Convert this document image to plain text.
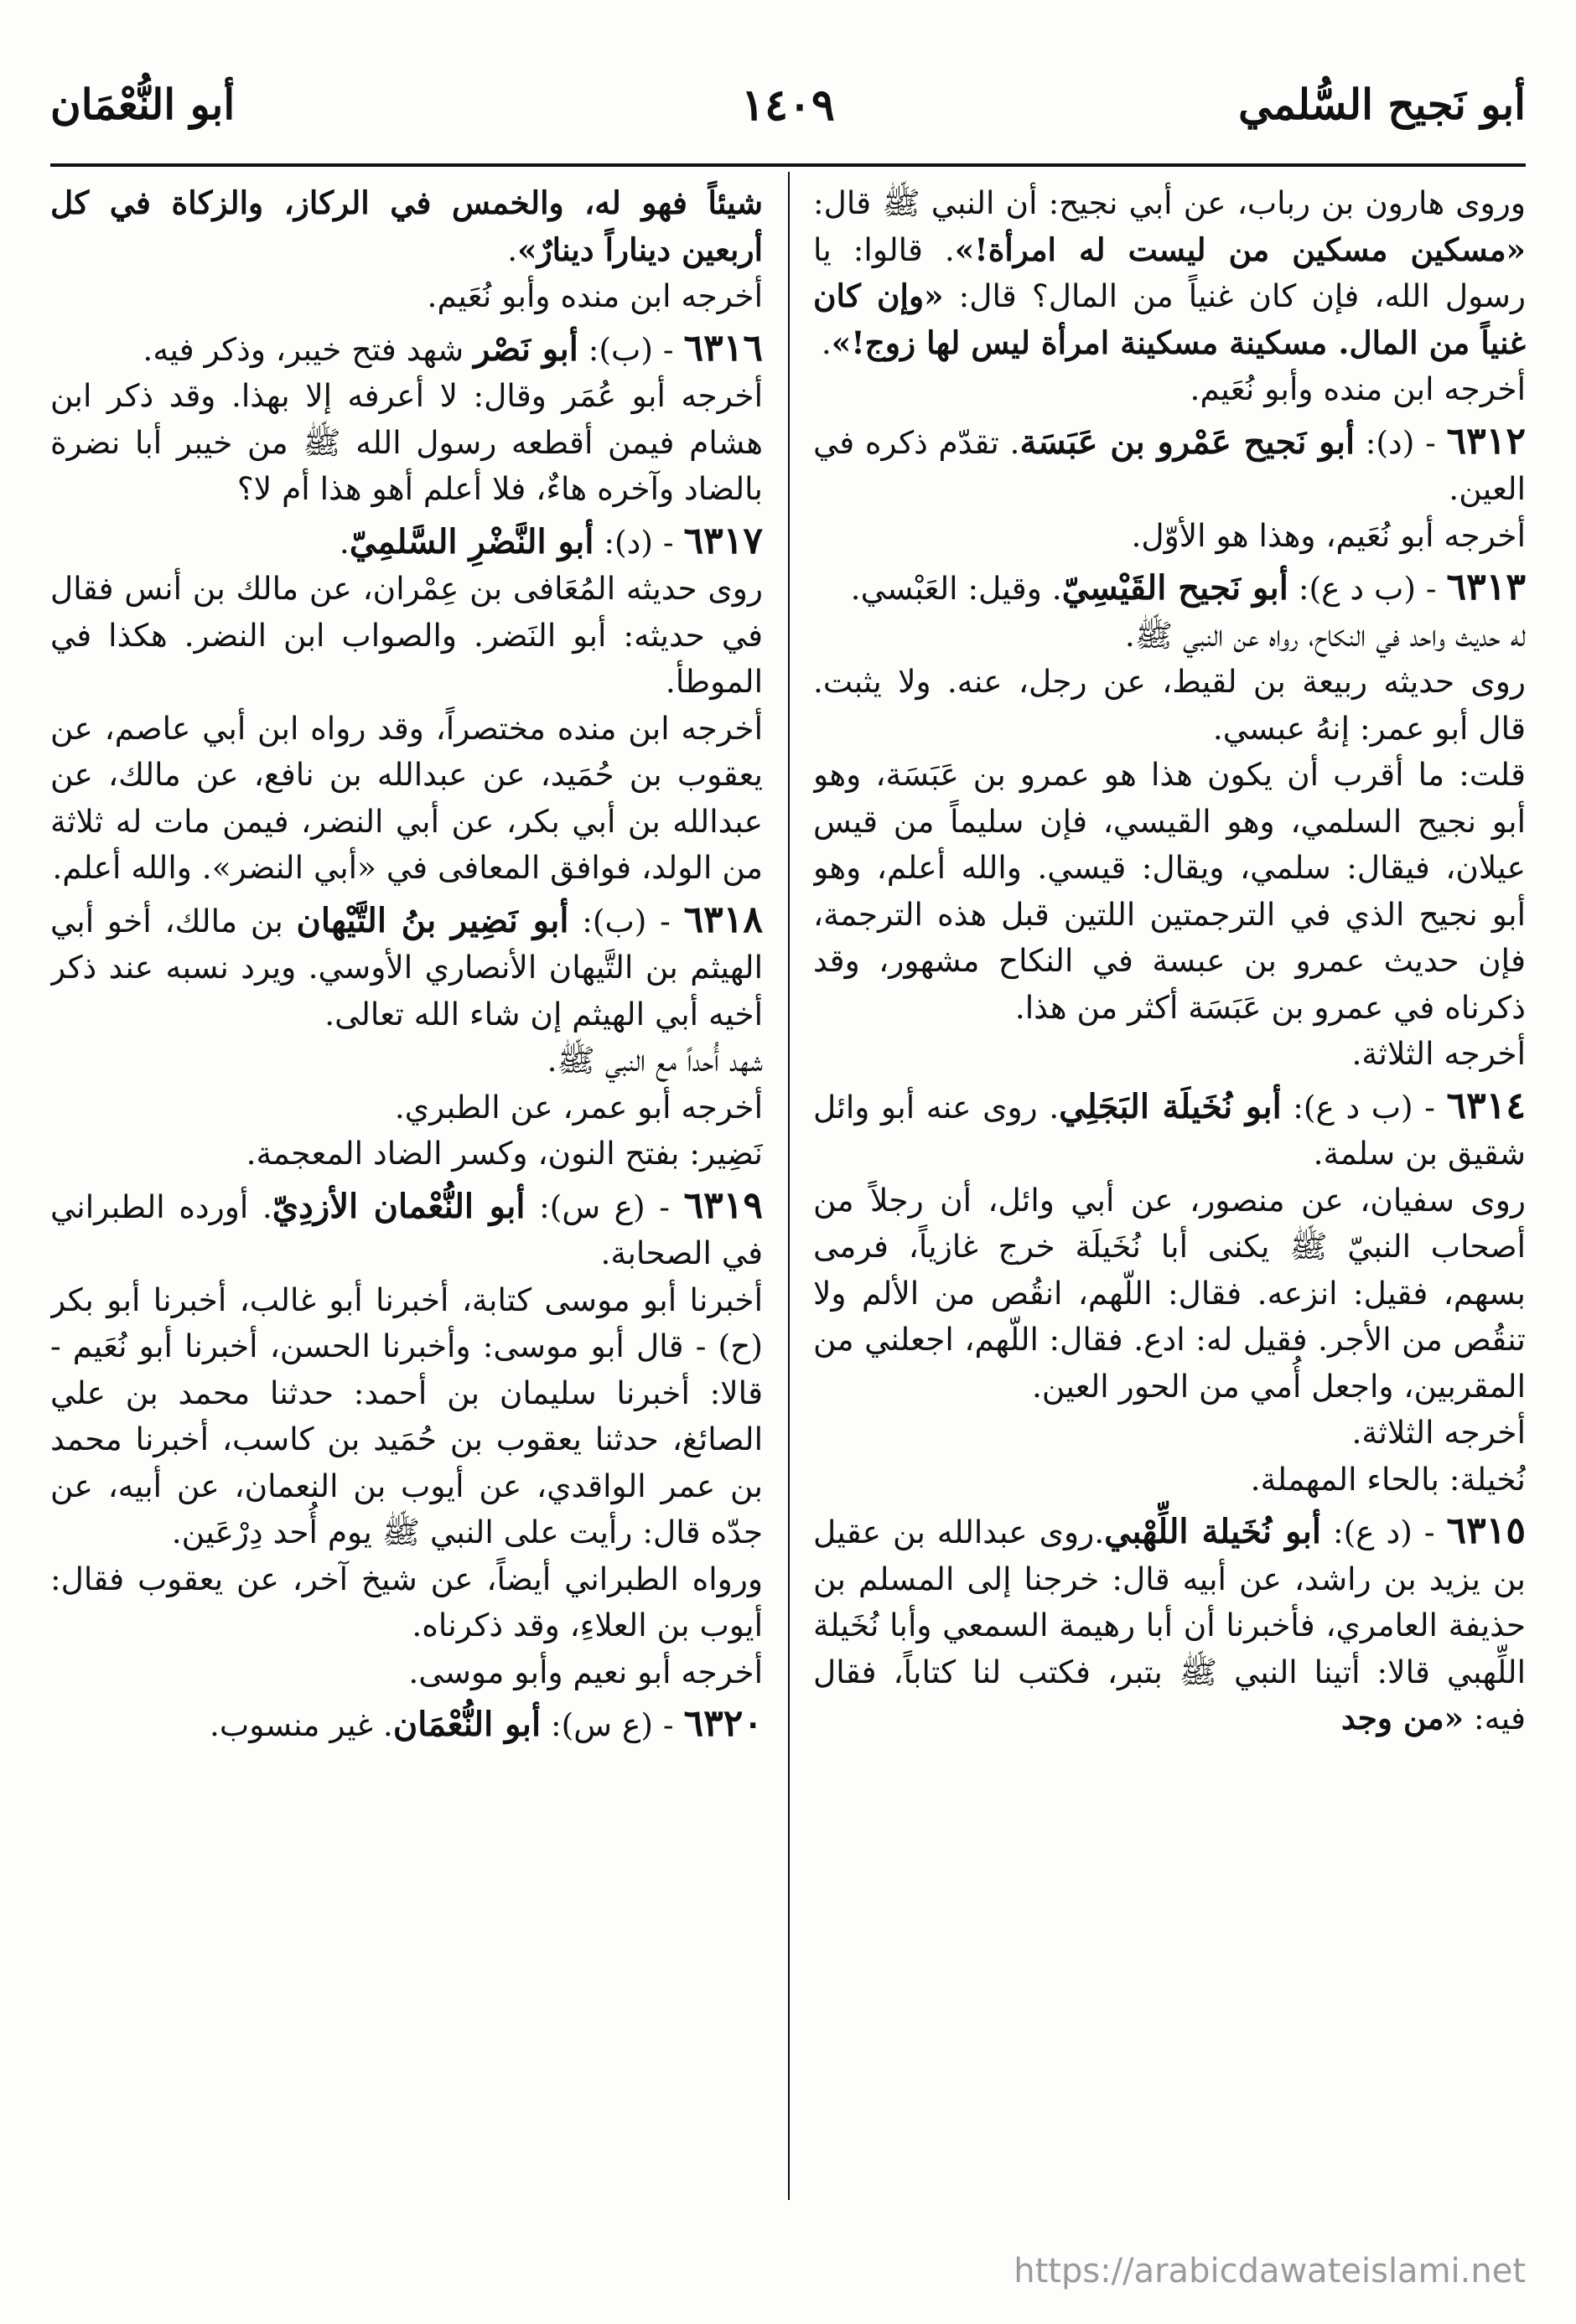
أبو نَجيح السُّلمي
١٤٠٩
أبو النُّعْمَان
وروى هارون بن رباب، عن أبي نجيح: أن النبي ﷺ قال: «مسكين مسكين من ليست له امرأة!». قالوا: يا رسول الله، فإن كان غنياً من المال؟ قال: «وإن كان غنياً من المال. مسكينة مسكينة امرأة ليس لها زوج!».
أخرجه ابن منده وأبو نُعَيم.
٦٣١٢ - (د): أبو نَجيح عَمْرو بن عَبَسَة. تقدّم ذكره في العين.
أخرجه أبو نُعَيم، وهذا هو الأوّل.
٦٣١٣ - (ب د ع): أبو نَجيح القَيْسِيّ. وقيل: العَبْسي.
له حديث واحد في النكاح، رواه عن النبي ﷺ.
روى حديثه ربيعة بن لقيط، عن رجل، عنه. ولا يثبت. قال أبو عمر: إنهُ عبسي.
قلت: ما أقرب أن يكون هذا هو عمرو بن عَبَسَة، وهو أبو نجيح السلمي، وهو القيسي، فإن سليماً من قيس عيلان، فيقال: سلمي، ويقال: قيسي. والله أعلم، وهو أبو نجيح الذي في الترجمتين اللتين قبل هذه الترجمة، فإن حديث عمرو بن عبسة في النكاح مشهور، وقد ذكرناه في عمرو بن عَبَسَة أكثر من هذا.
أخرجه الثلاثة.
٦٣١٤ - (ب د ع): أبو نُخَيلَة البَجَلِي. روى عنه أبو وائل شقيق بن سلمة.
روى سفيان، عن منصور، عن أبي وائل، أن رجلاً من أصحاب النبيّ ﷺ يكنى أبا نُخَيلَة خرج غازياً، فرمى بسهم، فقيل: انزعه. فقال: اللّهم، انقُص من الألم ولا تنقُص من الأجر. فقيل له: ادع. فقال: اللّهم، اجعلني من المقربين، واجعل أُمي من الحور العين.
أخرجه الثلاثة.
نُخيلة: بالحاء المهملة.
٦٣١٥ - (د ع): أبو نُخَيلة اللِّهْبي.روى عبدالله بن عقيل بن يزيد بن راشد، عن أبيه قال: خرجنا إلى المسلم بن حذيفة العامري، فأخبرنا أن أبا رهيمة السمعي وأبا نُخَيلة اللِّهبي قالا: أتينا النبي ﷺ بتبر، فكتب لنا كتاباً، فقال فيه: «من وجد
شيئاً فهو له، والخمس في الركاز، والزكاة في كل أربعين ديناراً دينارٌ».
أخرجه ابن منده وأبو نُعَيم.
٦٣١٦ - (ب): أبو نَصْر شهد فتح خيبر، وذكر فيه.
أخرجه أبو عُمَر وقال: لا أعرفه إلا بهذا. وقد ذكر ابن هشام فيمن أقطعه رسول الله ﷺ من خيبر أبا نضرة بالضاد وآخره هاءٌ، فلا أعلم أهو هذا أم لا؟
٦٣١٧ - (د): أبو النَّضْرِ السَّلمِيّ.
روى حديثه المُعَافى بن عِمْران، عن مالك بن أنس فقال في حديثه: أبو النَضر. والصواب ابن النضر. هكذا في الموطأ.
أخرجه ابن منده مختصراً، وقد رواه ابن أبي عاصم، عن يعقوب بن حُمَيد، عن عبدالله بن نافع، عن مالك، عن عبدالله بن أبي بكر، عن أبي النضر، فيمن مات له ثلاثة من الولد، فوافق المعافى في «أبي النضر». والله أعلم.
٦٣١٨ - (ب): أبو نَضِير بنُ التَّيْهان بن مالك، أخو أبي الهيثم بن التَّيهان الأنصاري الأوسي. ويرد نسبه عند ذكر أخيه أبي الهيثم إن شاء الله تعالى.
شهد أُحداً مع النبي ﷺ.
أخرجه أبو عمر، عن الطبري.
نَضِير: بفتح النون، وكسر الضاد المعجمة.
٦٣١٩ - (ع س): أبو النُّعْمان الأزدِيّ. أورده الطبراني في الصحابة.
أخبرنا أبو موسى كتابة، أخبرنا أبو غالب، أخبرنا أبو بكر (ح) - قال أبو موسى: وأخبرنا الحسن، أخبرنا أبو نُعَيم - قالا: أخبرنا سليمان بن أحمد: حدثنا محمد بن علي الصائغ، حدثنا يعقوب بن حُمَيد بن كاسب، أخبرنا محمد بن عمر الواقدي، عن أيوب بن النعمان، عن أبيه، عن جدّه قال: رأيت على النبي ﷺ يوم أُحد دِرْعَين.
ورواه الطبراني أيضاً، عن شيخ آخر، عن يعقوب فقال: أيوب بن العلاءِ، وقد ذكرناه.
أخرجه أبو نعيم وأبو موسى.
٦٣٢٠ - (ع س): أبو النُّعْمَان. غير منسوب.
https://arabicdawateislami.net
